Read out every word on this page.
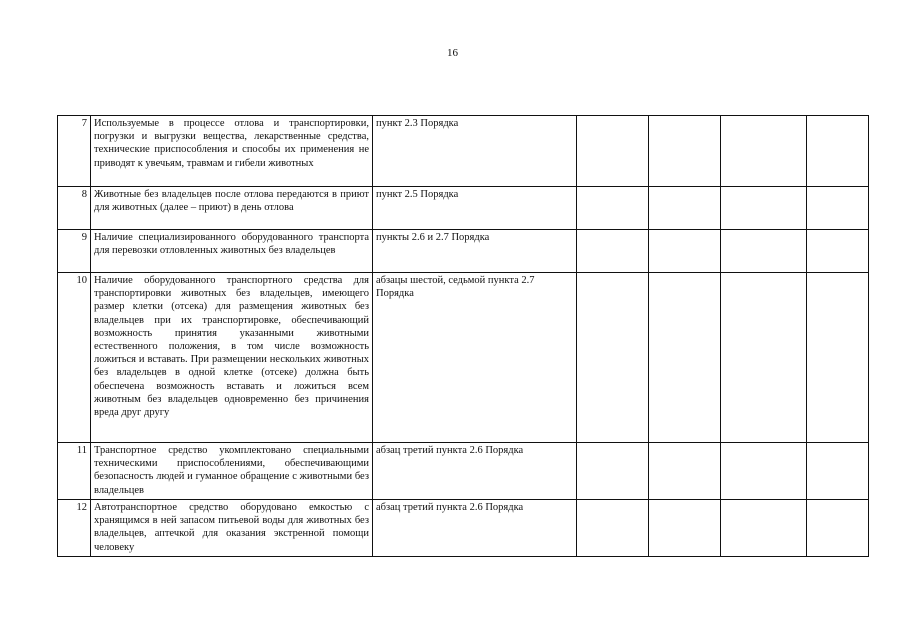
16
7	Используемые в процессе отлова и транспортировки, погрузки и выгрузки вещества, лекарственные средства, технические приспособления и способы их применения не приводят к увечьям, травмам и гибели животных	пункт 2.3 Порядка				
8	Животные без владельцев после отлова передаются в приют для животных (далее – приют) в день отлова	пункт 2.5 Порядка				
9	Наличие специализированного оборудованного транспорта для перевозки отловленных животных без владельцев	пункты 2.6 и 2.7 Порядка				
10	Наличие оборудованного транспортного средства для транспортировки животных без владельцев, имеющего размер клетки (отсека) для размещения животных без владельцев при их транспортировке, обеспечивающий возможность принятия указанными животными естественного положения, в том числе возможность ложиться и вставать. При размещении нескольких животных без владельцев в одной клетке (отсеке) должна быть обеспечена возможность вставать и ложиться всем животным без владельцев одновременно без причинения вреда друг другу	абзацы шестой, седьмой пункта 2.7 Порядка				
11	Транспортное средство укомплектовано специальными техническими приспособлениями, обеспечивающими безопасность людей и гуманное обращение с животными без владельцев	абзац третий пункта 2.6 Порядка				
12	Автотранспортное средство оборудовано емкостью с хранящимся в ней запасом питьевой воды для животных без владельцев, аптечкой для оказания экстренной помощи человеку	абзац третий пункта 2.6 Порядка				
